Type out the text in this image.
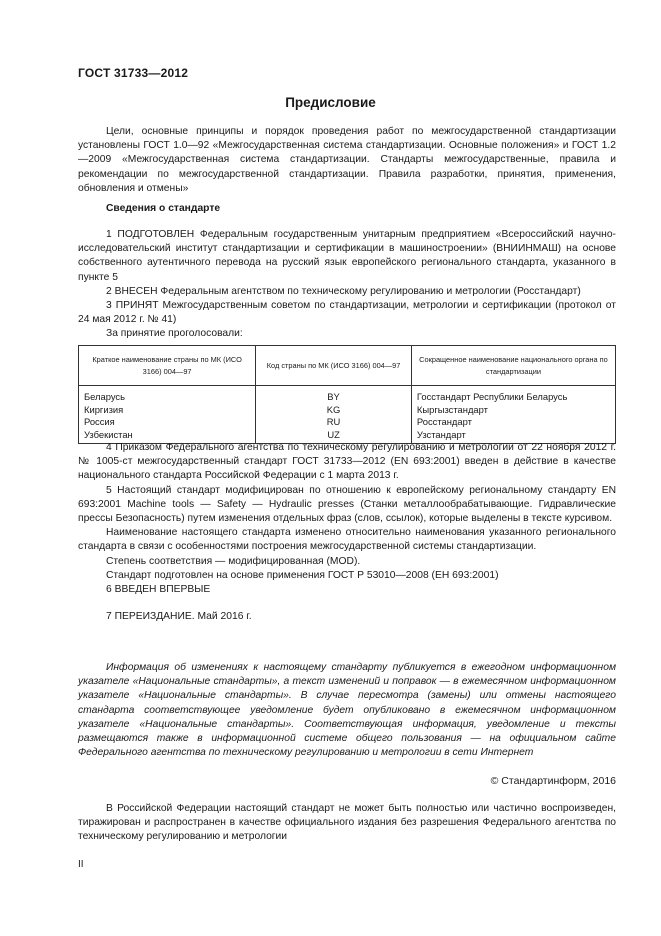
ГОСТ 31733—2012
Предисловие

Цели, основные принципы и порядок проведения работ по межгосударственной стандартизации установлены ГОСТ 1.0—92 «Межгосударственная система стандартизации. Основные положения» и ГОСТ 1.2—2009 «Межгосударственная система стандартизации. Стандарты межгосударственные, правила и рекомендации по межгосударственной стандартизации. Правила разработки, принятия, применения, обновления и отмены»

Сведения о стандарте

1 ПОДГОТОВЛЕН Федеральным государственным унитарным предприятием «Всероссийский научно-исследовательский институт стандартизации и сертификации в машиностроении» (ВНИИНМАШ) на основе собственного аутентичного перевода на русский язык европейского регионального стандарта, указанного в пункте 5

2 ВНЕСЕН Федеральным агентством по техническому регулированию и метрологии (Росстандарт)

3 ПРИНЯТ Межгосударственным советом по стандартизации, метрологии и сертификации (протокол от 24 мая 2012 г. № 41)

За принятие проголосовали:

Краткое наименование страны по МК (ИСО 3166) 004—97	Код страны по МК (ИСО 3166) 004—97	Сокращенное наименование национального органа по стандартизации
Беларусь	BY	Госстандарт Республики Беларусь
Киргизия	KG	Кыргызстандарт
Россия	RU	Росстандарт
Узбекистан	UZ	Узстандарт

4 Приказом Федерального агентства по техническому регулированию и метрологии от 22 ноября 2012 г. № 1005-ст межгосударственный стандарт ГОСТ 31733—2012 (EN 693:2001) введен в действие в качестве национального стандарта Российской Федерации с 1 марта 2013 г.

5 Настоящий стандарт модифицирован по отношению к европейскому региональному стандарту EN 693:2001 Machine tools — Safety — Hydraulic presses (Станки металлообрабатывающие. Гидравлические прессы Безопасность) путем изменения отдельных фраз (слов, ссылок), которые выделены в тексте курсивом.

Наименование настоящего стандарта изменено относительно наименования указанного регионального стандарта в связи с особенностями построения межгосударственной системы стандартизации.

Степень соответствия — модифицированная (MOD).

Стандарт подготовлен на основе применения ГОСТ Р 53010—2008 (ЕН 693:2001)

6 ВВЕДЕН ВПЕРВЫЕ

7 ПЕРЕИЗДАНИЕ. Май 2016 г.

Информация об изменениях к настоящему стандарту публикуется в ежегодном информационном указателе «Национальные стандарты», а текст изменений и поправок — в ежемесячном информационном указателе «Национальные стандарты». В случае пересмотра (замены) или отмены настоящего стандарта соответствующее уведомление будет опубликовано в ежемесячном информационном указателе «Национальные стандарты». Соответствующая информация, уведомление и тексты размещаются также в информационной системе общего пользования — на официальном сайте Федерального агентства по техническому регулированию и метрологии в сети Интернет

© Стандартинформ, 2016

В Российской Федерации настоящий стандарт не может быть полностью или частично воспроизведен, тиражирован и распространен в качестве официального издания без разрешения Федерального агентства по техническому регулированию и метрологии

II
